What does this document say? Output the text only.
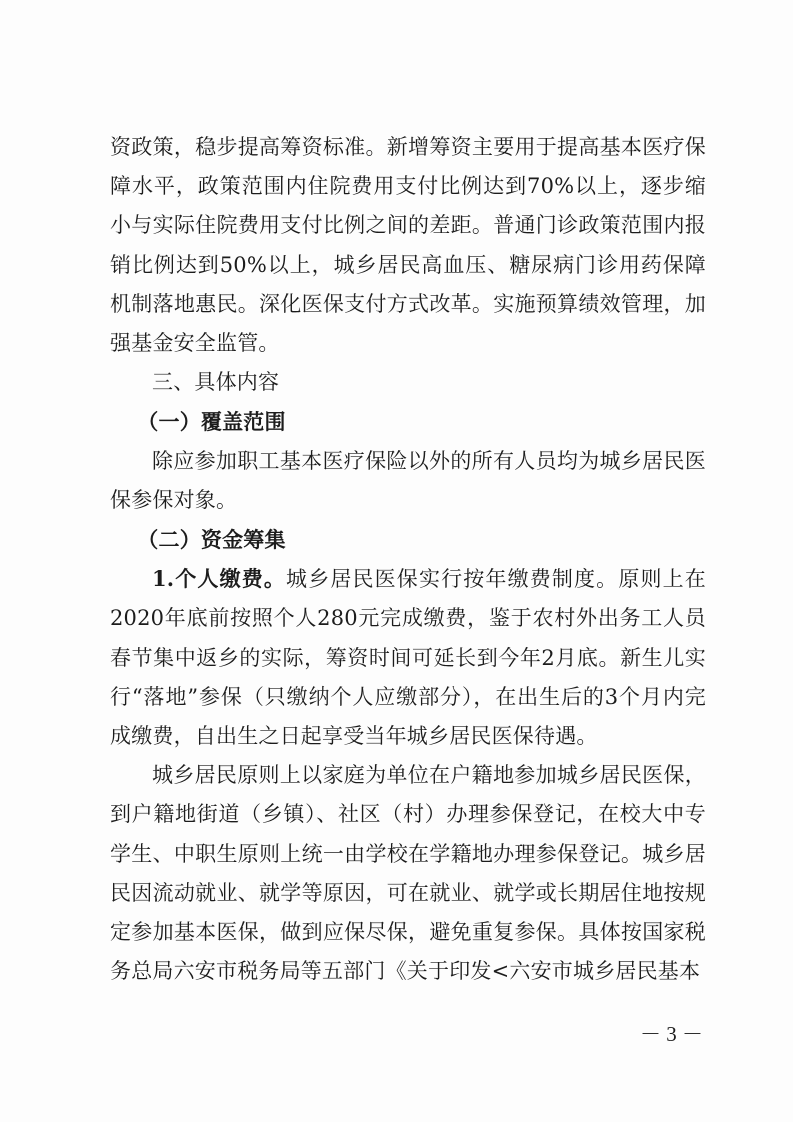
资政策，稳步提高筹资标准。新增筹资主要用于提高基本医疗保障水平，政策范围内住院费用支付比例达到70%以上，逐步缩小与实际住院费用支付比例之间的差距。普通门诊政策范围内报销比例达到50%以上，城乡居民高血压、糖尿病门诊用药保障机制落地惠民。深化医保支付方式改革。实施预算绩效管理，加强基金安全监管。

三、具体内容

（一）覆盖范围

除应参加职工基本医疗保险以外的所有人员均为城乡居民医保参保对象。

（二）资金筹集

1.个人缴费。城乡居民医保实行按年缴费制度。原则上在2020年底前按照个人280元完成缴费，鉴于农村外出务工人员春节集中返乡的实际，筹资时间可延长到今年2月底。新生儿实行“落地”参保（只缴纳个人应缴部分），在出生后的3个月内完成缴费，自出生之日起享受当年城乡居民医保待遇。

城乡居民原则上以家庭为单位在户籍地参加城乡居民医保，到户籍地街道（乡镇）、社区（村）办理参保登记，在校大中专学生、中职生原则上统一由学校在学籍地办理参保登记。城乡居民因流动就业、就学等原因，可在就业、就学或长期居住地按规定参加基本医保，做到应保尽保，避免重复参保。具体按国家税务总局六安市税务局等五部门《关于印发<六安市城乡居民基本

－ 3 －
